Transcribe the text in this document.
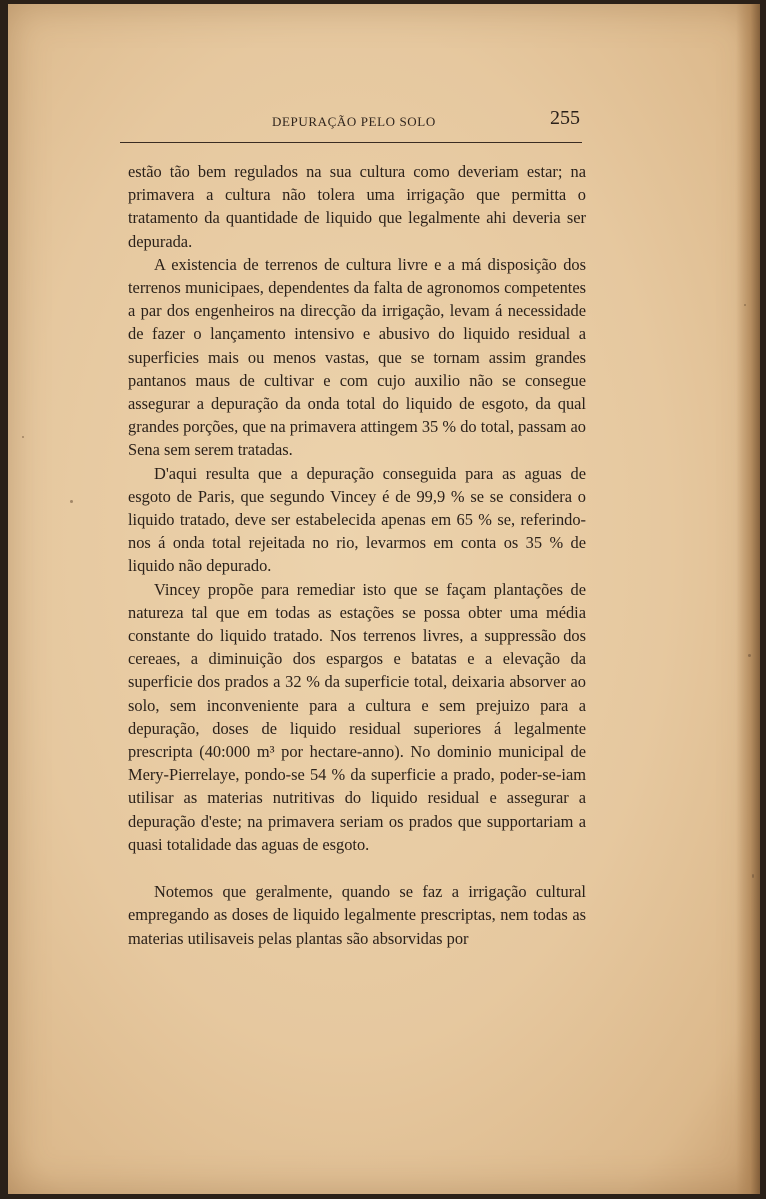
DEPURAÇÃO PELO SOLO	255

estão tão bem regulados na sua cultura como deveriam estar; na primavera a cultura não tolera uma irrigação que permitta o tratamento da quantidade de liquido que legalmente ahi deveria ser depurada.

A existencia de terrenos de cultura livre e a má disposição dos terrenos municipaes, dependentes da falta de agronomos competentes a par dos engenheiros na direcção da irrigação, levam á necessidade de fazer o lançamento intensivo e abusivo do liquido residual a superficies mais ou menos vastas, que se tornam assim grandes pantanos maus de cultivar e com cujo auxilio não se consegue assegurar a depuração da onda total do liquido de esgoto, da qual grandes porções, que na primavera attingem 35 % do total, passam ao Sena sem serem tratadas.

D'aqui resulta que a depuração conseguida para as aguas de esgoto de Paris, que segundo Vincey é de 99,9 % se se considera o liquido tratado, deve ser estabelecida apenas em 65 % se, referindo-nos á onda total rejeitada no rio, levarmos em conta os 35 % de liquido não depurado.

Vincey propõe para remediar isto que se façam plantações de natureza tal que em todas as estações se possa obter uma média constante do liquido tratado. Nos terrenos livres, a suppressão dos cereaes, a diminuição dos espargos e batatas e a elevação da superficie dos prados a 32 % da superficie total, deixaria absorver ao solo, sem inconveniente para a cultura e sem prejuizo para a depuração, doses de liquido residual superiores á legalmente prescripta (40:000 m³ por hectare-anno). No dominio municipal de Mery-Pierrelaye, pondo-se 54 % da superficie a prado, poder-se-iam utilisar as materias nutritivas do liquido residual e assegurar a depuração d'este; na primavera seriam os prados que supportariam a quasi totalidade das aguas de esgoto.

Notemos que geralmente, quando se faz a irrigação cultural empregando as doses de liquido legalmente prescriptas, nem todas as materias utilisaveis pelas plantas são absorvidas por
